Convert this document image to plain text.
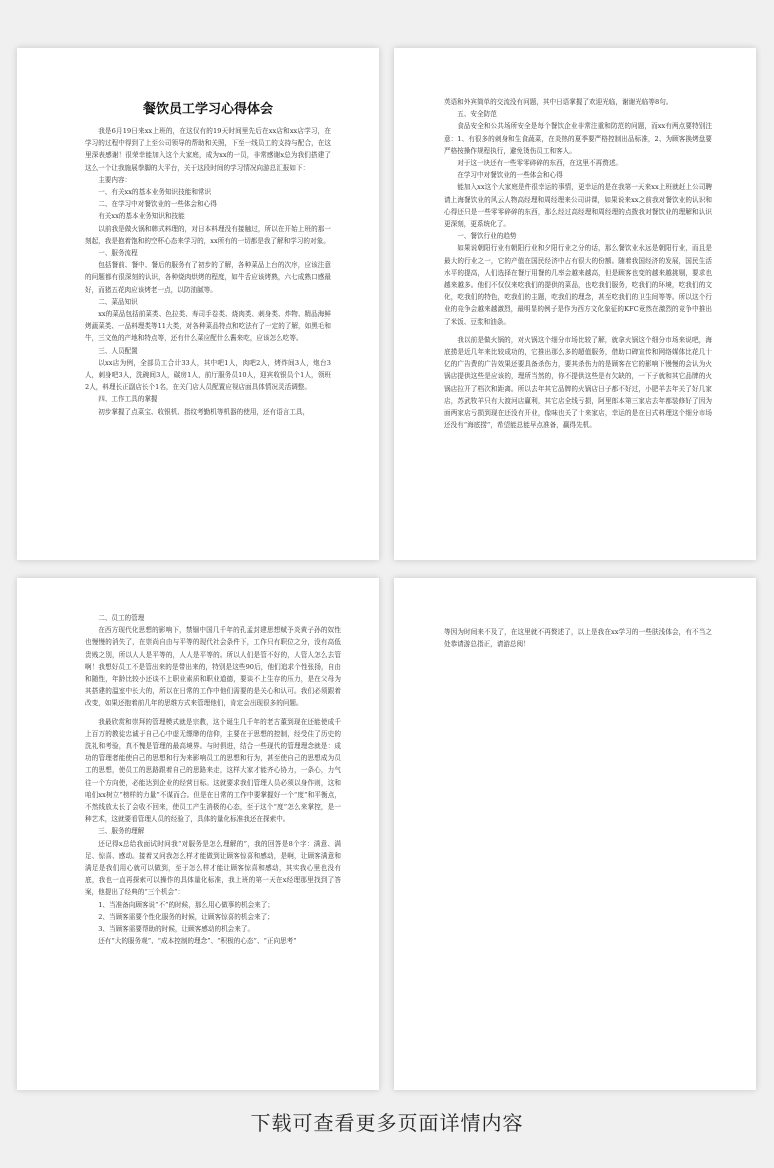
餐饮员工学习心得体会

我是6月19日来xx上班的，在这仅有的19天时间里先后在xx店和xx店学习，在学习的过程中得到了上至公司领导的帮助和关照，下至一线员工的支持与配合，在这里深表感谢！很荣幸能加入这个大家庭，成为xx的一员，非常感谢x总为我们搭建了这么一个让我施展拳脚的大平台，关于这段时间的学习情况向游总汇报如下：

主要内容：

一、有关xx的基本业务知识技能和常识

二、在学习中对餐饮业的一些体会和心得

有关xx的基本业务知识和技能

以前我是做火锅和韩式料理的，对日本料理没有接触过，所以在开始上班的那一刻起，我是抱着饱和的空杯心态来学习的，xx所有的一切都是我了解和学习的对象。

一、服务流程

包括餐前、餐中、餐后的服务有了初步的了解，各种菜品上台的次序，应该注意的问题都有很深刻的认识，各种烧肉烘烤的程度，如牛舌应该烤熟，六七成熟口感最好，而猪五花肉应该烤老一点，以防油腻等。

二、菜品知识

xx的菜品包括前菜类、色拉类、寿司手卷类、烧肉类、刺身类、炸物、精品海鲜烤蔬菜类、一品料理类等11大类，对各种菜品特点和吃法有了一定的了解，如黑毛和牛，三文鱼的产地和特点等，还有什么菜应配什么酱来吃，应该怎么吃等。

三、人员配置

以xx店为例，全部员工合计33人，其中吧1人，肉吧2人，烤炸间3人，炮台3人，刺身吧3人，洗碗间3人，碳房1人，前厅服务员10人，迎宾收银员个1人，领班2人，料理长正副店长个1名，在关门店人员配置应视店面具体情况灵活调整。

四、工作工具的掌握

初步掌握了点菜宝、收银机、指纹考勤机等机器的使用，还有语言工具，

英语和外宾简单的交流没有问题，其中日语掌握了欢迎光临，谢谢光临等8句。

五、安全防范

食品安全和公共场所安全是每个餐饮企业非常注重和防范的问题，而xx有两点要特别注意：1、有很多的刺身和生食蔬菜，在炎热的夏季要严格控制出品标准，2、为顾客换烤盘要严格按操作规程执行，避免烫伤员工和客人。

对于这一块还有一些零零碎碎的东西，在这里不再赘述。

在学习中对餐饮业的一些体会和心得

能加入xx这个大家庭是件很幸运的事情，更幸运的是在我第一天来xx上班就赶上公司聘请上海餐饮业的风云人物高经理和周经理来公司讲课，如果说来xx之前我对餐饮业的认识和心得还只是一些零零碎碎的东西，那么经过高经理和周经理的点拨我对餐饮业的理解和认识更深刻，更系统化了。

一、餐饮行业的趋势

如果说朝阳行业有朝阳行业和夕阳行业之分的话，那么餐饮业永远是朝阳行业，而且是最大的行业之一，它的产值在国民经济中占有很大的份额。随着我国经济的发展，国民生活水平的提高，人们选择在餐厅用餐的几率会越来越高，但是顾客也变的越来越挑剔，要求也越来越多。他们不仅仅来吃我们的提供的菜品，也吃我们服务，吃我们的环境，吃我们的文化，吃我们的特色，吃我们的主题，吃我们的理念，甚至吃我们的卫生间等等。所以这个行业的竞争会越来越激烈，最明显的例子是作为西方文化象征的KFC竟然在激烈的竞争中推出了米饭、豆浆和油条。

我以前是做火锅的，对火锅这个细分市场比较了解，就拿火锅这个细分市场来说吧，海底捞是近几年来比较成功的，它推出那么多的超值服务，借助口碑宣传和网络媒体比花几十亿的广告费的广告效果还要具备杀伤力，要其杀伤力的是顾客在它的影响下慢慢的会认为火锅店提供这些是应该的，理所当然的，你不提供这些是有欠缺的，一下子就和其它品牌的火锅店拉开了档次和距离。所以去年其它品牌的火锅店日子都不好过，小肥羊去年关了好几家店，苏武牧羊只有大渡河店赢利，其它店全线亏损，阿里郎本第三家店去年都装修好了因为面两家店亏损到现在还没有开业，像味也关了十来家店，幸运的是在日式料理这个细分市场还没有“海底捞”，希望能总能早点准备，赢得先机。

二、员工的管理

在西方现代化思想的影响下，禁锢中国几千年的孔孟封建思想赋予炎黄子孙的奴性也慢慢的消失了，在崇尚自由与平等的现代社会条件下，工作只有职位之分，没有高低贵贱之别，所以人人是平等的，人人是平等的。所以人们是管不好的，人管人怎么去管啊！我想好员工不是管出来的是带出来的，特别是这些90后，他们追求个性张扬，自由和随性，年龄比较小还谈不上职业素质和职业道德，要谈不上生存的压力，是在父母为其搭建的温室中长大的，所以在日常的工作中他们需要的是关心和认可。我们必须跟着改变，如果还抱着前几年的思维方式来管理他们，肯定会出现很多的问题。

我最欣赏和崇拜的管理模式就是宗教，这个诞生几千年的老古董到现在还能使成千上百万的教徒忠诚于自己心中虚无缥缈的信仰，主要在于思想的控制，经受住了历史的洗礼和考验，真不愧是管理的最高境界。与时俱进，结合一些现代的管理理念就是：成功的管理者能使自己的思想和行为来影响员工的思想和行为，甚至使自己的思想成为员工的思想，使员工的思路跟着自己的思路来走，这样大家才能齐心协力，一条心，力气往一个方向使，必能达到企业的经营目标。这就要求我们管理人员必须以身作则，这和咱们xx树立“榜样的力量”不谋而合。但是在日常的工作中要掌握好一个“度”和平衡点，不然线放太长了会收不回来，使员工产生消极的心态，至于这个“度”怎么来掌控，是一种艺术，这就要看管理人员的经验了，具体的量化标准我还在探索中。

三、服务的理解

还记得x总给我面试时问我“对服务是怎么理解的”，我的回答是8个字：满意、满足、惊喜、感动。接着又问我怎么样才能做到让顾客惊喜和感动，是啊，让顾客满意和满足是我们用心就可以做到，至于怎么样才能让顾客惊喜和感动，其实我心里也没有底，我也一直再探索可以操作的具体量化标准，我上班的第一天在x经理那里找到了答案，他提出了经典的“三个机会”：

1、当准备向顾客说“不”的时候，那么用心做事的机会来了；

2、当顾客需要个性化服务的时候，让顾客惊喜的机会来了；

3、当顾客需要帮助的时候，让顾客感动的机会来了。

还有“大的服务观”、“成本控制的理念”、“积极的心态”、“正向思考”

等因为时间来不及了，在这里就不再赘述了，以上是我在xx学习的一些肤浅体会，有不当之处恭请游总指正，请游总阅！

下载可查看更多页面详情内容
